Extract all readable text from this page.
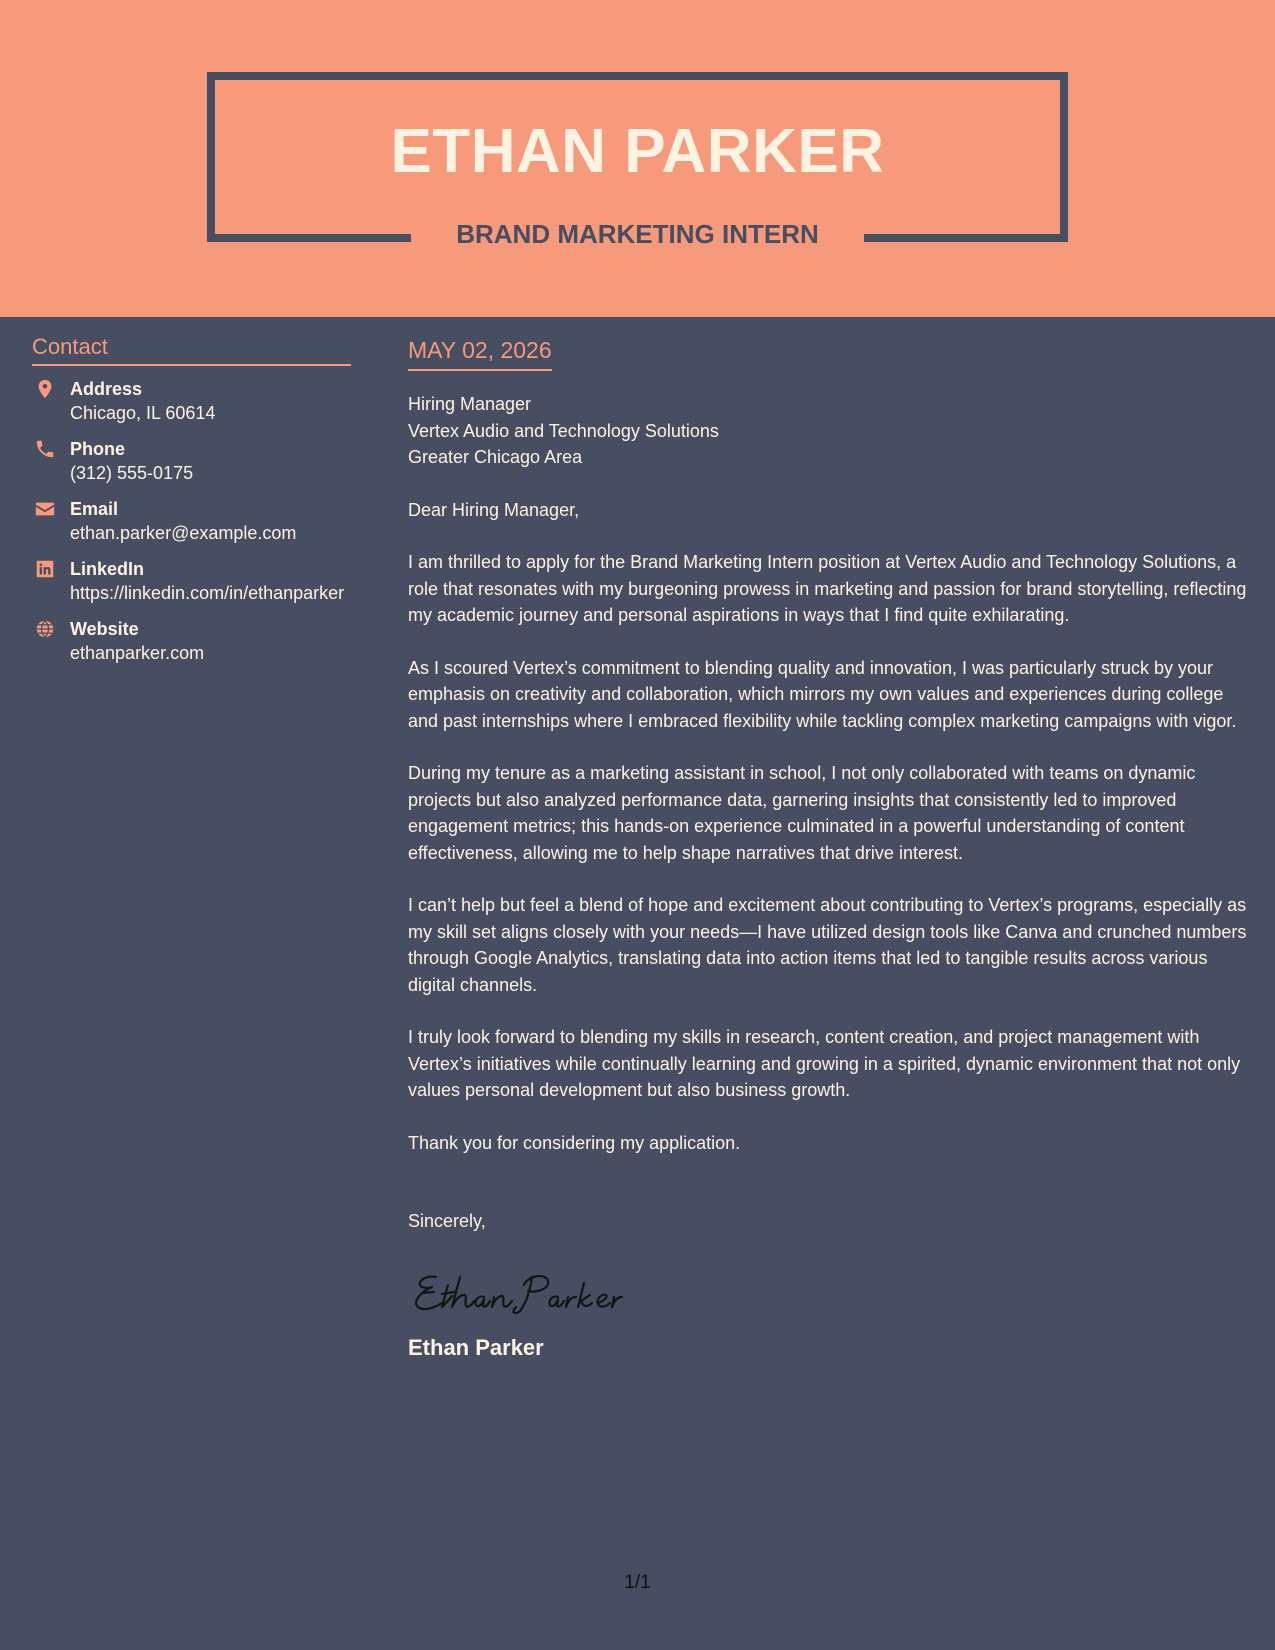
ETHAN PARKER
BRAND MARKETING INTERN
Contact
Address
Chicago, IL 60614
Phone
(312) 555-0175
Email
ethan.parker@example.com
LinkedIn
https://linkedin.com/in/ethanparker
Website
ethanparker.com
MAY 02, 2026
Hiring Manager
Vertex Audio and Technology Solutions
Greater Chicago Area

Dear Hiring Manager,

I am thrilled to apply for the Brand Marketing Intern position at Vertex Audio and Technology Solutions, a role that resonates with my burgeoning prowess in marketing and passion for brand storytelling, reflecting my academic journey and personal aspirations in ways that I find quite exhilarating.

As I scoured Vertex’s commitment to blending quality and innovation, I was particularly struck by your emphasis on creativity and collaboration, which mirrors my own values and experiences during college and past internships where I embraced flexibility while tackling complex marketing campaigns with vigor.

During my tenure as a marketing assistant in school, I not only collaborated with teams on dynamic projects but also analyzed performance data, garnering insights that consistently led to improved engagement metrics; this hands-on experience culminated in a powerful understanding of content effectiveness, allowing me to help shape narratives that drive interest.

I can’t help but feel a blend of hope and excitement about contributing to Vertex’s programs, especially as my skill set aligns closely with your needs—I have utilized design tools like Canva and crunched numbers through Google Analytics, translating data into action items that led to tangible results across various digital channels.

I truly look forward to blending my skills in research, content creation, and project management with Vertex’s initiatives while continually learning and growing in a spirited, dynamic environment that not only values personal development but also business growth.

Thank you for considering my application.

Sincerely,
Ethan Parker
1/1
